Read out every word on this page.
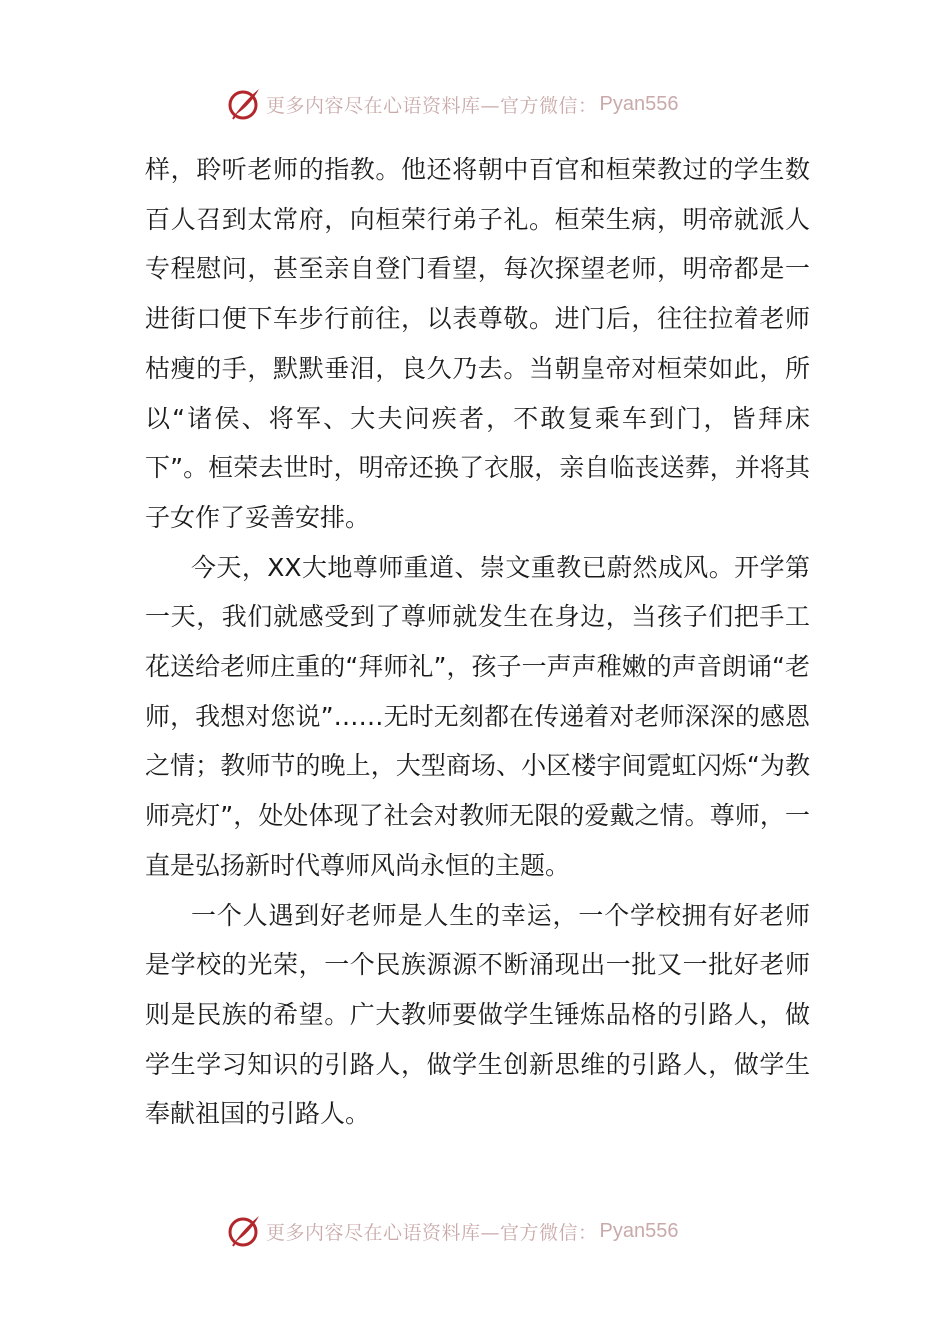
更多内容尽在心语资料库—官方微信： Pyan556

样，聆听老师的指教。他还将朝中百官和桓荣教过的学生数百人召到太常府，向桓荣行弟子礼。桓荣生病，明帝就派人专程慰问，甚至亲自登门看望，每次探望老师，明帝都是一进街口便下车步行前往，以表尊敬。进门后，往往拉着老师枯瘦的手，默默垂泪，良久乃去。当朝皇帝对桓荣如此，所以“诸侯、将军、大夫问疾者，不敢复乘车到门，皆拜床下”。桓荣去世时，明帝还换了衣服，亲自临丧送葬，并将其子女作了妥善安排。

今天，XX大地尊师重道、崇文重教已蔚然成风。开学第一天，我们就感受到了尊师就发生在身边，当孩子们把手工花送给老师庄重的“拜师礼”，孩子一声声稚嫩的声音朗诵“老师，我想对您说”……无时无刻都在传递着对老师深深的感恩之情；教师节的晚上，大型商场、小区楼宇间霓虹闪烁“为教师亮灯”，处处体现了社会对教师无限的爱戴之情。尊师，一直是弘扬新时代尊师风尚永恒的主题。

一个人遇到好老师是人生的幸运，一个学校拥有好老师是学校的光荣，一个民族源源不断涌现出一批又一批好老师则是民族的希望。广大教师要做学生锤炼品格的引路人，做学生学习知识的引路人，做学生创新思维的引路人，做学生奉献祖国的引路人。

更多内容尽在心语资料库—官方微信： Pyan556
